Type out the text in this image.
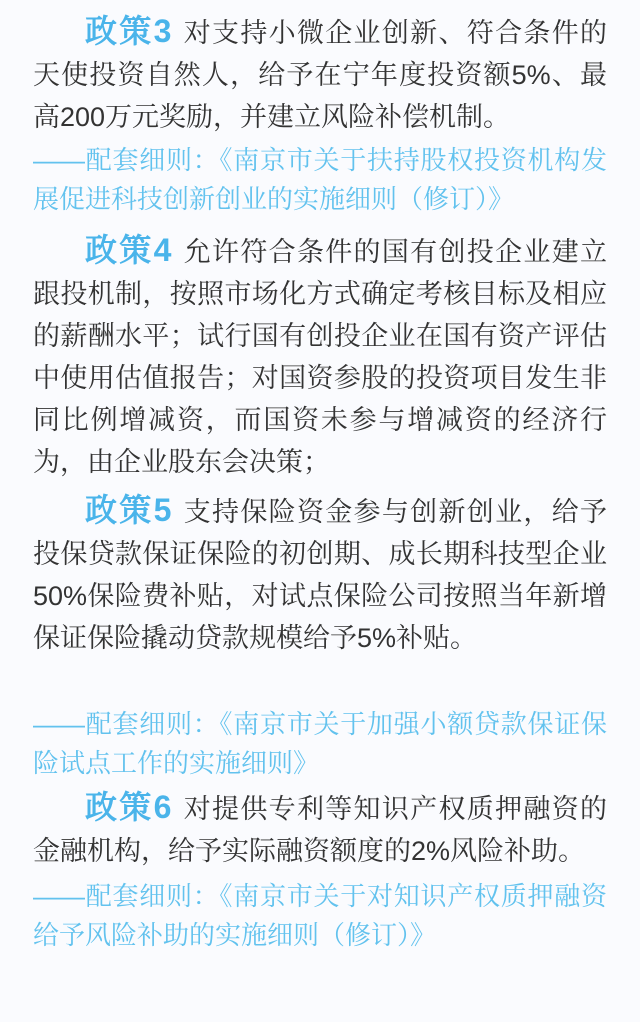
政策3 对支持小微企业创新、符合条件的天使投资自然人，给予在宁年度投资额5%、最高200万元奖励，并建立风险补偿机制。

——配套细则：《南京市关于扶持股权投资机构发展促进科技创新创业的实施细则（修订）》

政策4 允许符合条件的国有创投企业建立跟投机制，按照市场化方式确定考核目标及相应的薪酬水平；试行国有创投企业在国有资产评估中使用估值报告；对国资参股的投资项目发生非同比例增减资，而国资未参与增减资的经济行为，由企业股东会决策；

政策5 支持保险资金参与创新创业，给予投保贷款保证保险的初创期、成长期科技型企业50%保险费补贴，对试点保险公司按照当年新增保证保险撬动贷款规模给予5%补贴。

——配套细则：《南京市关于加强小额贷款保证保险试点工作的实施细则》

政策6 对提供专利等知识产权质押融资的金融机构，给予实际融资额度的2%风险补助。

——配套细则：《南京市关于对知识产权质押融资给予风险补助的实施细则（修订）》
